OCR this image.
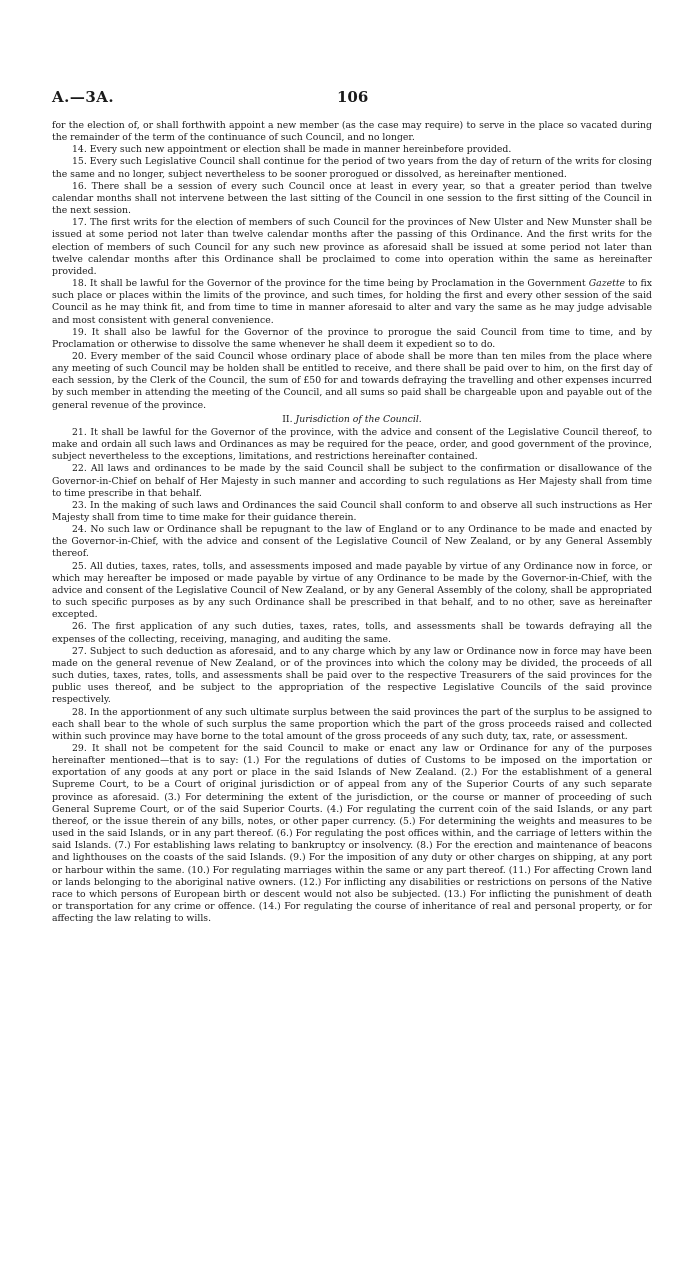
A.—3A.	106

for the election of, or shall forthwith appoint a new member (as the case may require) to serve in the place so vacated during the remainder of the term of the continuance of such Council, and no longer.

14. Every such new appointment or election shall be made in manner hereinbefore provided.

15. Every such Legislative Council shall continue for the period of two years from the day of return of the writs for closing the same and no longer, subject nevertheless to be sooner prorogued or dissolved, as hereinafter mentioned.

16. There shall be a session of every such Council once at least in every year, so that a greater period than twelve calendar months shall not intervene between the last sitting of the Council in one session to the first sitting of the Council in the next session.

17. The first writs for the election of members of such Council for the provinces of New Ulster and New Munster shall be issued at some period not later than twelve calendar months after the passing of this Ordinance. And the first writs for the election of members of such Council for any such new province as aforesaid shall be issued at some period not later than twelve calendar months after this Ordinance shall be proclaimed to come into operation within the same as hereinafter provided.

18. It shall be lawful for the Governor of the province for the time being by Proclamation in the Government Gazette to fix such place or places within the limits of the province, and such times, for holding the first and every other session of the said Council as he may think fit, and from time to time in manner aforesaid to alter and vary the same as he may judge advisable and most consistent with general convenience.

19. It shall also be lawful for the Governor of the province to prorogue the said Council from time to time, and by Proclamation or otherwise to dissolve the same whenever he shall deem it expedient so to do.

20. Every member of the said Council whose ordinary place of abode shall be more than ten miles from the place where any meeting of such Council may be holden shall be entitled to receive, and there shall be paid over to him, on the first day of each session, by the Clerk of the Council, the sum of £50 for and towards defraying the travelling and other expenses incurred by such member in attending the meeting of the Council, and all sums so paid shall be chargeable upon and payable out of the general revenue of the province.

II. Jurisdiction of the Council.

21. It shall be lawful for the Governor of the province, with the advice and consent of the Legislative Council thereof, to make and ordain all such laws and Ordinances as may be required for the peace, order, and good government of the province, subject nevertheless to the exceptions, limitations, and restrictions hereinafter contained.

22. All laws and ordinances to be made by the said Council shall be subject to the confirmation or disallowance of the Governor-in-Chief on behalf of Her Majesty in such manner and according to such regulations as Her Majesty shall from time to time prescribe in that behalf.

23. In the making of such laws and Ordinances the said Council shall conform to and observe all such instructions as Her Majesty shall from time to time make for their guidance therein.

24. No such law or Ordinance shall be repugnant to the law of England or to any Ordinance to be made and enacted by the Governor-in-Chief, with the advice and consent of the Legislative Council of New Zealand, or by any General Assembly thereof.

25. All duties, taxes, rates, tolls, and assessments imposed and made payable by virtue of any Ordinance now in force, or which may hereafter be imposed or made payable by virtue of any Ordinance to be made by the Governor-in-Chief, with the advice and consent of the Legislative Council of New Zealand, or by any General Assembly of the colony, shall be appropriated to such specific purposes as by any such Ordinance shall be prescribed in that behalf, and to no other, save as hereinafter excepted.

26. The first application of any such duties, taxes, rates, tolls, and assessments shall be towards defraying all the expenses of the collecting, receiving, managing, and auditing the same.

27. Subject to such deduction as aforesaid, and to any charge which by any law or Ordinance now in force may have been made on the general revenue of New Zealand, or of the provinces into which the colony may be divided, the proceeds of all such duties, taxes, rates, tolls, and assessments shall be paid over to the respective Treasurers of the said provinces for the public uses thereof, and be subject to the appropriation of the respective Legislative Councils of the said province respectively.

28. In the apportionment of any such ultimate surplus between the said provinces the part of the surplus to be assigned to each shall bear to the whole of such surplus the same proportion which the part of the gross proceeds raised and collected within such province may have borne to the total amount of the gross proceeds of any such duty, tax, rate, or assessment.

29. It shall not be competent for the said Council to make or enact any law or Ordinance for any of the purposes hereinafter mentioned—that is to say: (1.) For the regulations of duties of Customs to be imposed on the importation or exportation of any goods at any port or place in the said Islands of New Zealand. (2.) For the establishment of a general Supreme Court, to be a Court of original jurisdiction or of appeal from any of the Superior Courts of any such separate province as aforesaid. (3.) For determining the extent of the jurisdiction, or the course or manner of proceeding of such General Supreme Court, or of the said Superior Courts. (4.) For regulating the current coin of the said Islands, or any part thereof, or the issue therein of any bills, notes, or other paper currency. (5.) For determining the weights and measures to be used in the said Islands, or in any part thereof. (6.) For regulating the post offices within, and the carriage of letters within the said Islands. (7.) For establishing laws relating to bankruptcy or insolvency. (8.) For the erection and maintenance of beacons and lighthouses on the coasts of the said Islands. (9.) For the imposition of any duty or other charges on shipping, at any port or harbour within the same. (10.) For regulating marriages within the same or any part thereof. (11.) For affecting Crown land or lands belonging to the aboriginal native owners. (12.) For inflicting any disabilities or restrictions on persons of the Native race to which persons of European birth or descent would not also be subjected. (13.) For inflicting the punishment of death or transportation for any crime or offence. (14.) For regulating the course of inheritance of real and personal property, or for affecting the law relating to wills.
